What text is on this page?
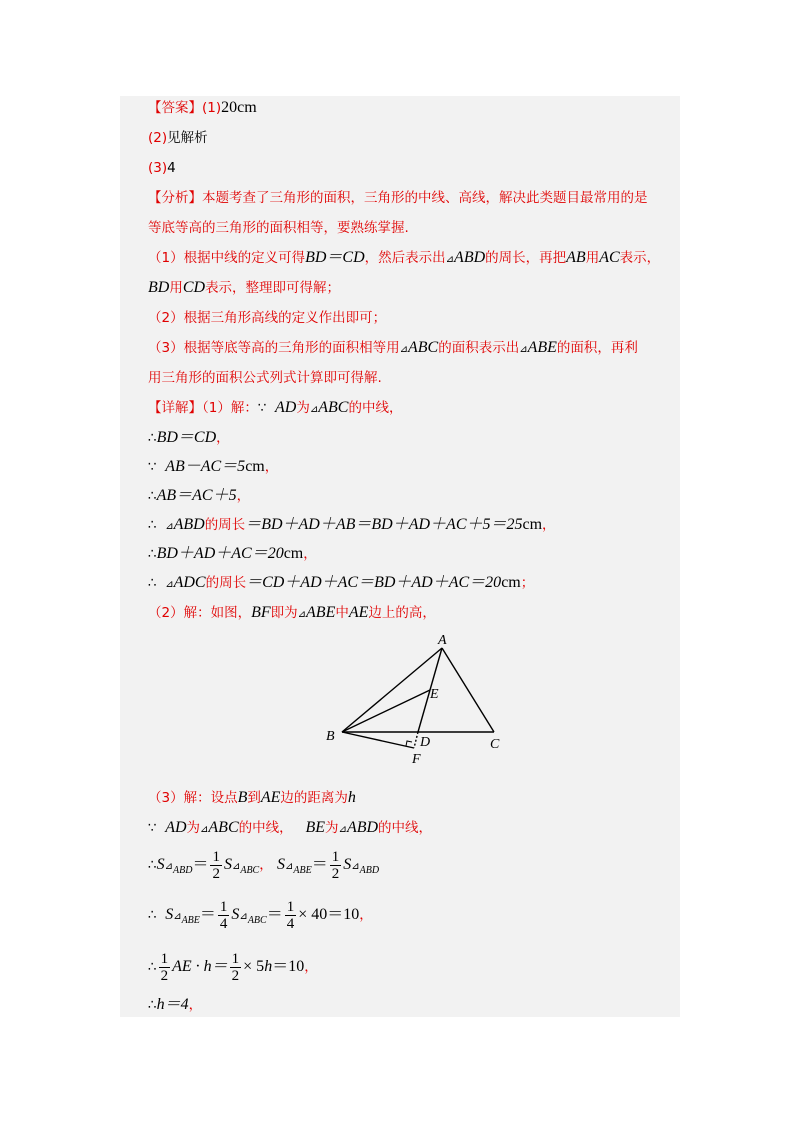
【答案】(1)20cm
(2)见解析
(3)4
【分析】本题考查了三角形的面积，三角形的中线、高线，解决此类题目最常用的是
等底等高的三角形的面积相等，要熟练掌握.
（1）根据中线的定义可得BD＝CD，然后表示出⊿ABD的周长，再把AB用AC表示，
BD用CD表示，整理即可得解；
（2）根据三角形高线的定义作出即可；
（3）根据等底等高的三角形的面积相等用⊿ABC的面积表示出⊿ABE的面积，再利
用三角形的面积公式列式计算即可得解.
【详解】（1）解：∵ AD为⊿ABC的中线，
∴BD＝CD，
∵ AB－AC＝5cm，
∴AB＝AC＋5，
∴ ⊿ABD的周长＝BD＋AD＋AB＝BD＋AD＋AC＋5＝25cm，
∴BD＋AD＋AC＝20cm，
∴ ⊿ADC的周长＝CD＋AD＋AC＝BD＋AD＋AC＝20cm；
（2）解：如图，BF即为⊿ABE中AE边上的高，
A
B
C
D
E
F
（3）解：设点B到AE边的距离为h
∵ AD为⊿ABC的中线， BE为⊿ABD的中线，
$\therefore S⊿_{ABD}= \frac{1}{2}$ $S⊿_{ABC}$， $S⊿_{ABE}= \frac{1}{2}$ $S⊿_{ABD}$
∴ $S⊿_{ABE}= \frac{1}{4}$ $S⊿_{ABC}= \frac{1}{4} \times 40=10$，
∴ $\frac{1}{2}$ AE · $h= \frac{1}{2} \times 5h=10$，
∴h＝4，
